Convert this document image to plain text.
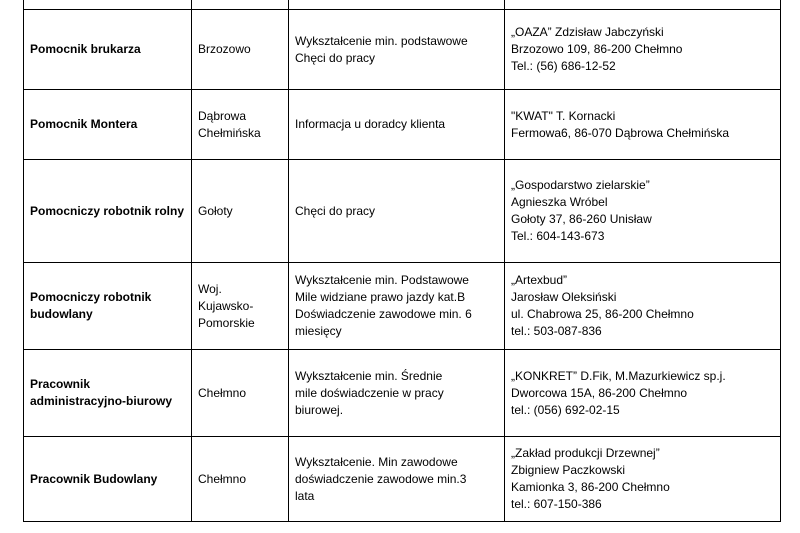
Pomocnik brukarza	Brzozowo	Wykształcenie min. podstawowe
Chęci do pracy	„OAZA” Zdzisław Jabczyński
Brzozowo 109, 86-200 Chełmno
Tel.: (56) 686-12-52

Pomocnik Montera	Dąbrowa
Chełmińska	Informacja u doradcy klienta	"KWAT" T. Kornacki
Fermowa6, 86-070 Dąbrowa Chełmińska

Pomocniczy robotnik rolny	Gołoty	Chęci do pracy	„Gospodarstwo zielarskie”
Agnieszka Wróbel
Gołoty 37, 86-260 Unisław
Tel.: 604-143-673

Pomocniczy robotnik budowlany	Woj.
Kujawsko-
Pomorskie	Wykształcenie min. Podstawowe
Mile widziane prawo jazdy kat.B
Doświadczenie zawodowe min. 6
miesięcy	„Artexbud”
Jarosław Oleksiński
ul. Chabrowa 25, 86-200 Chełmno
tel.: 503-087-836

Pracownik administracyjno-biurowy	Chełmno	Wykształcenie min. Średnie
mile doświadczenie w pracy
biurowej.	„KONKRET” D.Fik, M.Mazurkiewicz sp.j.
Dworcowa 15A, 86-200 Chełmno
tel.: (056) 692-02-15

Pracownik Budowlany	Chełmno	Wykształcenie. Min zawodowe
doświadczenie zawodowe min.3
lata	„Zakład produkcji Drzewnej”
Zbigniew Paczkowski
Kamionka 3, 86-200 Chełmno
tel.: 607-150-386
